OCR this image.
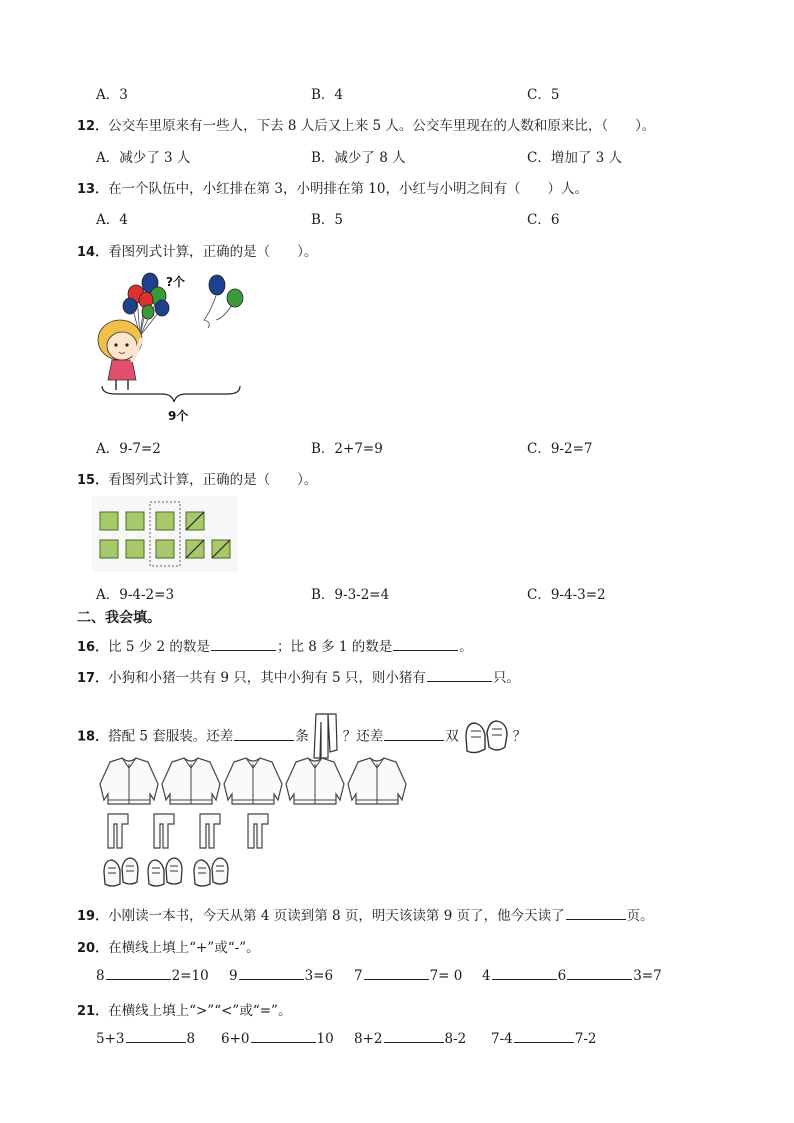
A．3	B．4	C．5
12．公交车里原来有一些人，下去 8 人后又上来 5 人。公交车里现在的人数和原来比，（　　）。
A．减少了 3 人	B．减少了 8 人	C．增加了 3 人
13．在一个队伍中，小红排在第 3，小明排在第 10，小红与小明之间有（　　）人。
A．4	B．5	C．6
14．看图列式计算，正确的是（　　）。
?个
9个
A．9-7=2	B．2+7=9	C．9-2=7
15．看图列式计算，正确的是（　　）。
A．9-4-2=3	B．9-3-2=4	C．9-4-3=2
二、我会填。
16．比 5 少 2 的数是	；比 8 多 1 的数是	。
17．小狗和小猪一共有 9 只，其中小狗有 5 只，则小猪有	只。
18．搭配 5 套服装。还差	条	？还差	双	？
19．小刚读一本书，今天从第 4 页读到第 8 页，明天该读第 9 页了，他今天读了	页。
20．在横线上填上“+”或“-”。
8	2=10 9	3=6 7	7= 0 4	6	3=7
21．在横线上填上“>”“<”或“=”。
5+3	8 6+0	10 8+2	8-2 7-4	7-2
